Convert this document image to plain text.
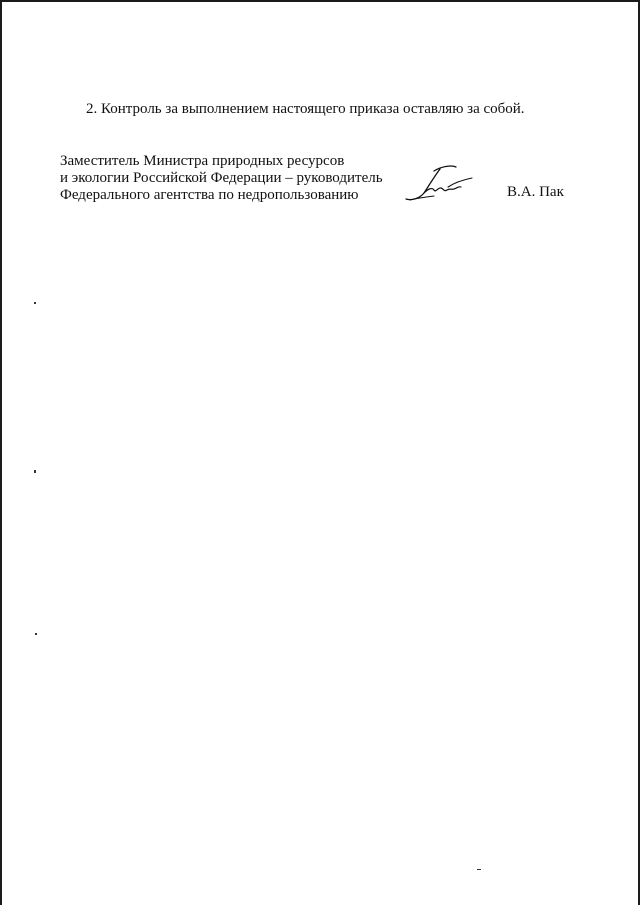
2. Контроль за выполнением настоящего приказа оставляю за собой.
Заместитель Министра природных ресурсов
и экологии Российской Федерации – руководитель
Федерального агентства по недропользованию	В.А. Пак
